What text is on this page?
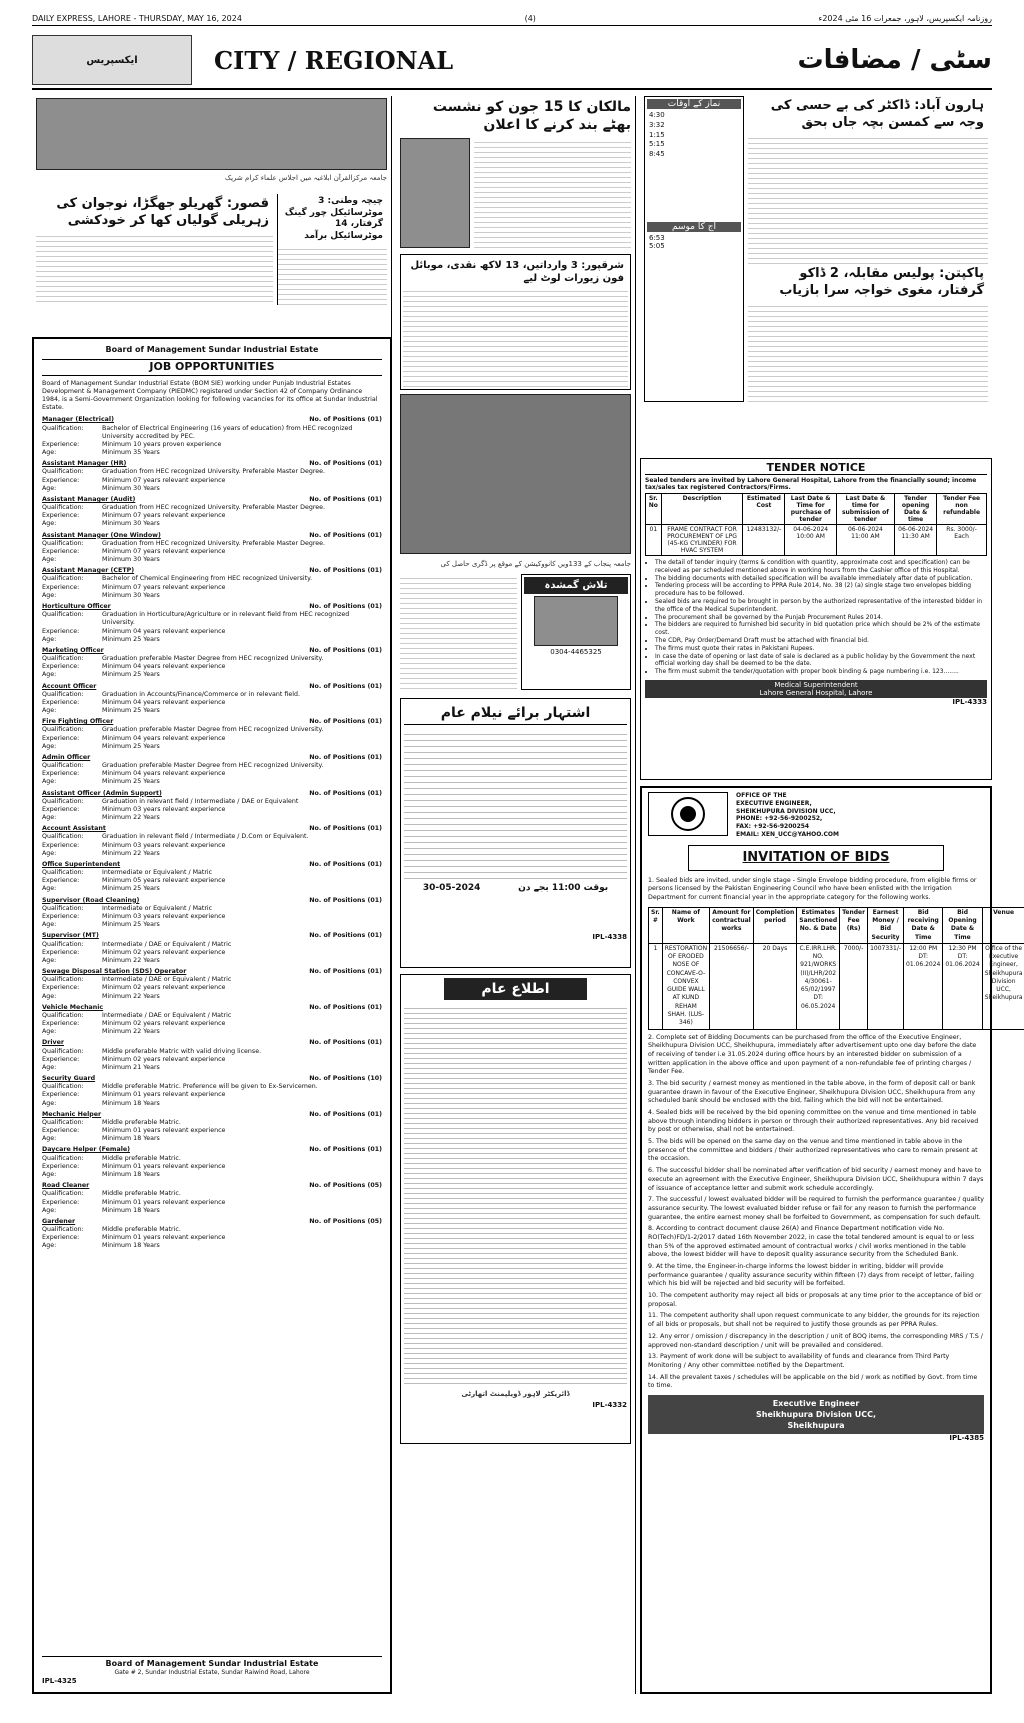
DAILY EXPRESS, LAHORE - THURSDAY, MAY 16, 2024	(4)	روزنامہ ایکسپریس، لاہور، جمعرات 16 مئی 2024ء
ایکسپریس	CITY / REGIONAL	سٹی / مضافات
جامعہ مرکزالقرآن ابلاغیہ میں اجلاس علماء کرام شریک
قصور: گھریلو جھگڑا، نوجوان کی زہریلی گولیاں کھا کر خودکشی
چیچہ وطنی: 3 موٹرسائیکل چور گینگ گرفتار، 14 موٹرسائیکل برآمد
Board of Management Sundar Industrial Estate
JOB OPPORTUNITIES
Board of Management Sundar Industrial Estate (BOM SIE) working under Punjab Industrial Estates Development & Management Company (PIEDMC) registered under Section 42 of Company Ordinance 1984, is a Semi-Government Organization looking for following vacancies for its office at Sundar Industrial Estate.
Manager (Electrical)	No. of Positions (01)
Qualification:	Bachelor of Electrical Engineering (16 years of education) from HEC recognized University accredited by PEC.
Experience:	Minimum 10 years proven experience
Age:	Minimum 35 Years
Assistant Manager (HR)	No. of Positions (01)
Qualification:	Graduation from HEC recognized University. Preferable Master Degree.
Experience:	Minimum 07 years relevant experience
Age:	Minimum 30 Years
Assistant Manager (Audit)	No. of Positions (01)
Qualification:	Graduation from HEC recognized University. Preferable Master Degree.
Experience:	Minimum 07 years relevant experience
Age:	Minimum 30 Years
Assistant Manager (One Window)	No. of Positions (01)
Qualification:	Graduation from HEC recognized University. Preferable Master Degree.
Experience:	Minimum 07 years relevant experience
Age:	Minimum 30 Years
Assistant Manager (CETP)	No. of Positions (01)
Qualification:	Bachelor of Chemical Engineering from HEC recognized University.
Experience:	Minimum 07 years relevant experience
Age:	Minimum 30 Years
Horticulture Officer	No. of Positions (01)
Qualification:	Graduation in Horticulture/Agriculture or in relevant field from HEC recognized University.
Experience:	Minimum 04 years relevant experience
Age:	Minimum 25 Years
Marketing Officer	No. of Positions (01)
Qualification:	Graduation preferable Master Degree from HEC recognized University.
Experience:	Minimum 04 years relevant experience
Age:	Minimum 25 Years
Account Officer	No. of Positions (01)
Qualification:	Graduation in Accounts/Finance/Commerce or in relevant field.
Experience:	Minimum 04 years relevant experience
Age:	Minimum 25 Years
Fire Fighting Officer	No. of Positions (01)
Qualification:	Graduation preferable Master Degree from HEC recognized University.
Experience:	Minimum 04 years relevant experience
Age:	Minimum 25 Years
Admin Officer	No. of Positions (01)
Qualification:	Graduation preferable Master Degree from HEC recognized University.
Experience:	Minimum 04 years relevant experience
Age:	Minimum 25 Years
Assistant Officer (Admin Support)	No. of Positions (01)
Qualification:	Graduation in relevant field / Intermediate / DAE or Equivalent
Experience:	Minimum 03 years relevant experience
Age:	Minimum 22 Years
Account Assistant	No. of Positions (01)
Qualification:	Graduation in relevant field / Intermediate / D.Com or Equivalent.
Experience:	Minimum 03 years relevant experience
Age:	Minimum 22 Years
Office Superintendent	No. of Positions (01)
Qualification:	Intermediate or Equivalent / Matric
Experience:	Minimum 05 years relevant experience
Age:	Minimum 25 Years
Supervisor (Road Cleaning)	No. of Positions (01)
Qualification:	Intermediate or Equivalent / Matric
Experience:	Minimum 03 years relevant experience
Age:	Minimum 25 Years
Supervisor (MT)	No. of Positions (01)
Qualification:	Intermediate / DAE or Equivalent / Matric
Experience:	Minimum 02 years relevant experience
Age:	Minimum 22 Years
Sewage Disposal Station (SDS) Operator	No. of Positions (01)
Qualification:	Intermediate / DAE or Equivalent / Matric
Experience:	Minimum 02 years relevant experience
Age:	Minimum 22 Years
Vehicle Mechanic	No. of Positions (01)
Qualification:	Intermediate / DAE or Equivalent / Matric
Experience:	Minimum 02 years relevant experience
Age:	Minimum 22 Years
Driver	No. of Positions (01)
Qualification:	Middle preferable Matric with valid driving license.
Experience:	Minimum 02 years relevant experience
Age:	Minimum 21 Years
Security Guard	No. of Positions (10)
Qualification:	Middle preferable Matric. Preference will be given to Ex-Servicemen.
Experience:	Minimum 01 years relevant experience
Age:	Minimum 18 Years
Mechanic Helper	No. of Positions (01)
Qualification:	Middle preferable Matric.
Experience:	Minimum 01 years relevant experience
Age:	Minimum 18 Years
Daycare Helper (Female)	No. of Positions (01)
Qualification:	Middle preferable Matric.
Experience:	Minimum 01 years relevant experience
Age:	Minimum 18 Years
Road Cleaner	No. of Positions (05)
Qualification:	Middle preferable Matric.
Experience:	Minimum 01 years relevant experience
Age:	Minimum 18 Years
Gardener	No. of Positions (05)
Qualification:	Middle preferable Matric.
Experience:	Minimum 01 years relevant experience
Age:	Minimum 18 Years
Board of Management Sundar Industrial Estate
Gate # 2, Sundar Industrial Estate, Sundar Raiwind Road, Lahore
IPL-4325
مالکان کا 15 جون کو نشست بھٹے بند کرنے کا اعلان
شرقپور: 3 وارداتیں، 13 لاکھ نقدی، موبائل فون زیورات لوٹ لیے
جامعہ پنجاب کے 133ویں کانووکیشن کے موقع پر ڈگری حاصل کی
تلاش گمشدہ
0304-4465325
اشتہار برائے نیلام عام
30-05-2024	بوقت 11:00 بجے دن
IPL-4338
اطلاع عام
ڈائریکٹر لاہور ڈویلپمنٹ اتھارٹی
IPL-4332
نماز کے اوقات
4:30
3:32
1:15
5:15
8:45
آج کا موسم
6:53
5:05
ہارون آباد: ڈاکٹر کی بے حسی کی وجہ سے کمسن بچہ جاں بحق
پاکپتن: پولیس مقابلہ، 2 ڈاکو گرفتار، مغوی خواجہ سرا بازیاب
TENDER NOTICE
Sealed tenders are invited by Lahore General Hospital, Lahore from the financially sound; income tax/sales tax registered Contractors/Firms.
Sr. No	Description	Estimated Cost	Last Date & Time for purchase of tender	Last Date & time for submission of tender	Tender opening Date & time	Tender Fee non refundable
01	FRAME CONTRACT FOR PROCUREMENT OF LPG (45-KG CYLINDER) FOR HVAC SYSTEM	12483132/-	04-06-2024 10:00 AM	06-06-2024 11:00 AM	06-06-2024 11:30 AM	Rs. 3000/- Each
• The detail of tender inquiry (terms & condition with quantity, approximate cost and specification) can be received as per scheduled mentioned above in working hours from the Cashier office of this Hospital.
• The bidding documents with detailed specification will be available immediately after date of publication.
• Tendering process will be according to PPRA Rule 2014, No. 38 (2) (a) single stage two envelopes bidding procedure has to be followed.
• Sealed bids are required to be brought in person by the authorized representative of the interested bidder in the office of the Medical Superintendent.
• The procurement shall be governed by the Punjab Procurement Rules 2014.
• The bidders are required to furnished bid security in bid quotation price which should be 2% of the estimate cost.
• The CDR, Pay Order/Demand Draft must be attached with financial bid.
• The firms must quote their rates in Pakistani Rupees.
• In case the date of opening or last date of sale is declared as a public holiday by the Government the next official working day shall be deemed to be the date.
• The firm must submit the tender/quotation with proper book binding & page numbering i.e. 123........
Medical Superintendent
Lahore General Hospital, Lahore
IPL-4333
OFFICE OF THE
EXECUTIVE ENGINEER,
SHEIKHUPURA DIVISION UCC,
PHONE: +92-56-9200252,
FAX: +92-56-9200254
EMAIL: XEN_UCC@YAHOO.COM
INVITATION OF BIDS

1. Sealed bids are invited, under single stage - Single Envelope bidding procedure, from eligible firms or persons licensed by the Pakistan Engineering Council who have been enlisted with the Irrigation Department for current financial year in the appropriate category for the following works.

Sr. #	Name of Work	Amount for contractual works	Completion period	Estimates Sanctioned No. & Date	Tender Fee (Rs)	Earnest Money / Bid Security	Bid receiving Date & Time	Bid Opening Date & Time	Venue
1	RESTORATION OF ERODED NOSE OF CONCAVE-O-CONVEX GUIDE WALL AT KUND REHAM SHAH. (LUS-346)	21506656/-	20 Days	C.E.IRR.LHR. NO. 921/WORKS (II)/LHR/202 4/30061-65/02/1997 DT: 06.05.2024	7000/-	1007331/-	12:00 PM DT: 01.06.2024	12:30 PM DT: 01.06.2024	Office of the Executive Engineer, Sheikhupura Division UCC, Sheikhupura

2. Complete set of Bidding Documents can be purchased from the office of the Executive Engineer, Sheikhupura Division UCC, Sheikhupura, immediately after advertisement upto one day before the date of receiving of tender i.e 31.05.2024 during office hours by an interested bidder on submission of a written application in the above office and upon payment of a non-refundable fee of printing charges / Tender Fee.

3. The bid security / earnest money as mentioned in the table above, in the form of deposit call or bank guarantee drawn in favour of the Executive Engineer, Sheikhupura Division UCC, Sheikhupura from any scheduled bank should be enclosed with the bid, failing which the bid will not be entertained.

4. Sealed bids will be received by the bid opening committee on the venue and time mentioned in table above through intending bidders in person or through their authorized representatives. Any bid received by post or otherwise, shall not be entertained.

5. The bids will be opened on the same day on the venue and time mentioned in table above in the presence of the committee and bidders / their authorized representatives who care to remain present at the occasion.

6. The successful bidder shall be nominated after verification of bid security / earnest money and have to execute an agreement with the Executive Engineer, Sheikhupura Division UCC, Sheikhupura within 7 days of issuance of acceptance letter and submit work schedule accordingly.

7. The successful / lowest evaluated bidder will be required to furnish the performance guarantee / quality assurance security. The lowest evaluated bidder refuse or fail for any reason to furnish the performance guarantee, the entire earnest money shall be forfeited to Government, as compensation for such default.

8. According to contract document clause 26(A) and Finance Department notification vide No. RO(Tech)FD/1-2/2017 dated 16th November 2022, in case the total tendered amount is equal to or less than 5% of the approved estimated amount of contractual works / civil works mentioned in the table above, the lowest bidder will have to deposit quality assurance security from the Scheduled Bank.

9. At the time, the Engineer-in-charge informs the lowest bidder in writing, bidder will provide performance guarantee / quality assurance security within fifteen (7) days from receipt of letter, failing which his bid will be rejected and bid security will be forfeited.

10. The competent authority may reject all bids or proposals at any time prior to the acceptance of bid or proposal.

11. The competent authority shall upon request communicate to any bidder, the grounds for its rejection of all bids or proposals, but shall not be required to justify those grounds as per PPRA Rules.

12. Any error / omission / discrepancy in the description / unit of BOQ items, the corresponding MRS / T.S / approved non-standard description / unit will be prevailed and considered.

13. Payment of work done will be subject to availability of funds and clearance from Third Party Monitoring / Any other committee notified by the Department.

14. All the prevalent taxes / schedules will be applicable on the bid / work as notified by Govt. from time to time.

Executive Engineer
Sheikhupura Division UCC,
Sheikhupura
IPL-4385
